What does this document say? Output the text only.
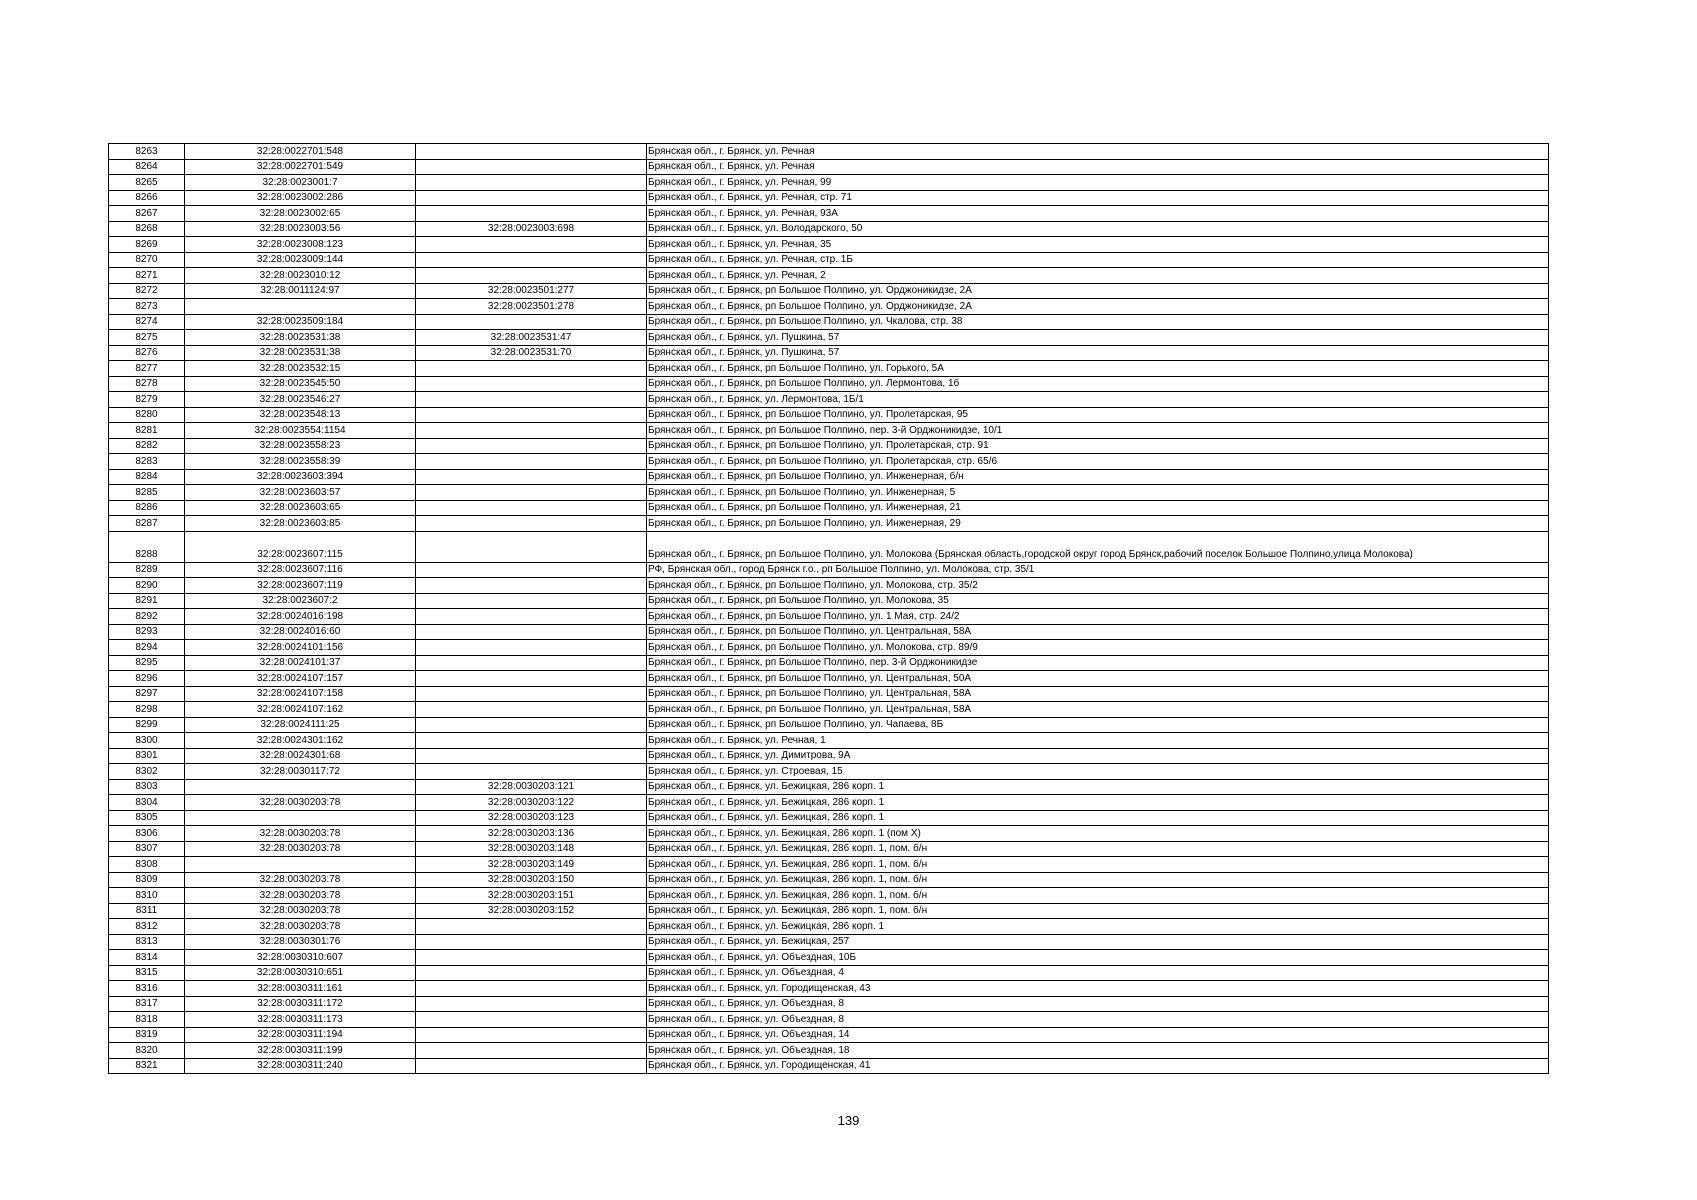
8263	32:28:0022701:548		Брянская обл., г. Брянск, ул. Речная
8264	32:28:0022701:549		Брянская обл., г. Брянск, ул. Речная
8265	32:28:0023001:7		Брянская обл., г. Брянск, ул. Речная, 99
8266	32:28:0023002:286		Брянская обл., г. Брянск, ул. Речная, стр. 71
8267	32:28:0023002:65		Брянская обл., г. Брянск, ул. Речная, 93А
8268	32:28:0023003:56	32:28:0023003:698	Брянская обл., г. Брянск, ул. Володарского, 50
8269	32:28:0023008:123		Брянская обл., г. Брянск, ул. Речная, 35
8270	32:28:0023009:144		Брянская обл., г. Брянск, ул. Речная, стр. 1Б
8271	32:28:0023010:12		Брянская обл., г. Брянск, ул. Речная, 2
8272	32:28:0011124:97	32:28:0023501:277	Брянская обл., г. Брянск, рп Большое Полпино, ул. Орджоникидзе, 2А
8273		32:28:0023501:278	Брянская обл., г. Брянск, рп Большое Полпино, ул. Орджоникидзе, 2А
8274	32:28:0023509:184		Брянская обл., г. Брянск, рп Большое Полпино, ул. Чкалова, стр. 38
8275	32:28:0023531:38	32:28:0023531:47	Брянская обл., г. Брянск, ул. Пушкина, 57
8276	32:28:0023531:38	32:28:0023531:70	Брянская обл., г. Брянск, ул. Пушкина, 57
8277	32:28:0023532:15		Брянская обл., г. Брянск, рп Большое Полпино, ул. Горького, 5А
8278	32:28:0023545:50		Брянская обл., г. Брянск, рп Большое Полпино, ул. Лермонтова, 1б
8279	32:28:0023546:27		Брянская обл., г. Брянск, ул. Лермонтова, 1Б/1
8280	32:28:0023548:13		Брянская обл., г. Брянск, рп Большое Полпино, ул. Пролетарская, 95
8281	32:28:0023554:1154		Брянская обл., г. Брянск, рп Большое Полпино, пер. 3-й Орджоникидзе, 10/1
8282	32:28:0023558:23		Брянская обл., г. Брянск, рп Большое Полпино, ул. Пролетарская, стр. 91
8283	32:28:0023558:39		Брянская обл., г. Брянск, рп Большое Полпино, ул. Пролетарская, стр. 65/6
8284	32:28:0023603:394		Брянская обл., г. Брянск, рп Большое Полпино, ул. Инженерная, б/н
8285	32:28:0023603:57		Брянская обл., г. Брянск, рп Большое Полпино, ул. Инженерная, 5
8286	32:28:0023603:65		Брянская обл., г. Брянск, рп Большое Полпино, ул. Инженерная, 21
8287	32:28:0023603:85		Брянская обл., г. Брянск, рп Большое Полпино, ул. Инженерная, 29
8288	32:28:0023607:115		Брянская обл., г. Брянск, рп Большое Полпино, ул. Молокова (Брянская область,городской округ город Брянск,рабочий поселок Большое Полпино,улица Молокова)
8289	32:28:0023607:116		РФ, Брянская обл., город Брянск г.о., рп Большое Полпино, ул. Молокова, стр. 35/1
8290	32:28:0023607:119		Брянская обл., г. Брянск, рп Большое Полпино, ул. Молокова, стр. 35/2
8291	32:28:0023607:2		Брянская обл., г. Брянск, рп Большое Полпино, ул. Молокова, 35
8292	32:28:0024016:198		Брянская обл., г. Брянск, рп Большое Полпино, ул. 1 Мая, стр. 24/2
8293	32:28:0024016:60		Брянская обл., г. Брянск, рп Большое Полпино, ул. Центральная, 58А
8294	32:28:0024101:156		Брянская обл., г. Брянск, рп Большое Полпино, ул. Молокова, стр. 89/9
8295	32:28:0024101:37		Брянская обл., г. Брянск, рп Большое Полпино, пер. 3-й Орджоникидзе
8296	32:28:0024107:157		Брянская обл., г. Брянск, рп Большое Полпино, ул. Центральная, 50А
8297	32:28:0024107:158		Брянская обл., г. Брянск, рп Большое Полпино, ул. Центральная, 58А
8298	32:28:0024107:162		Брянская обл., г. Брянск, рп Большое Полпино, ул. Центральная, 58А
8299	32:28:0024111:25		Брянская обл., г. Брянск, рп Большое Полпино, ул. Чапаева, 8Б
8300	32:28:0024301:162		Брянская обл., г. Брянск, ул. Речная, 1
8301	32:28:0024301:68		Брянская обл., г. Брянск, ул. Димитрова, 9А
8302	32:28:0030117:72		Брянская обл., г. Брянск, ул. Строевая, 15
8303		32:28:0030203:121	Брянская обл., г. Брянск, ул. Бежицкая, 286 корп. 1
8304	32:28:0030203:78	32:28:0030203:122	Брянская обл., г. Брянск, ул. Бежицкая, 286 корп. 1
8305		32:28:0030203:123	Брянская обл., г. Брянск, ул. Бежицкая, 286 корп. 1
8306	32:28:0030203:78	32:28:0030203:136	Брянская обл., г. Брянск, ул. Бежицкая, 286 корп. 1 (пом X)
8307	32:28:0030203:78	32:28:0030203:148	Брянская обл., г. Брянск, ул. Бежицкая, 286 корп. 1, пом. б/н
8308		32:28:0030203:149	Брянская обл., г. Брянск, ул. Бежицкая, 286 корп. 1, пом. б/н
8309	32:28:0030203:78	32:28:0030203:150	Брянская обл., г. Брянск, ул. Бежицкая, 286 корп. 1, пом. б/н
8310	32:28:0030203:78	32:28:0030203:151	Брянская обл., г. Брянск, ул. Бежицкая, 286 корп. 1, пом. б/н
8311	32:28:0030203:78	32:28:0030203:152	Брянская обл., г. Брянск, ул. Бежицкая, 286 корп. 1, пом. б/н
8312	32:28:0030203:78		Брянская обл., г. Брянск, ул. Бежицкая, 286 корп. 1
8313	32:28:0030301:76		Брянская обл., г. Брянск, ул. Бежицкая, 257
8314	32:28:0030310:607		Брянская обл., г. Брянск, ул. Объездная, 10Б
8315	32:28:0030310:651		Брянская обл., г. Брянск, ул. Объездная, 4
8316	32:28:0030311:161		Брянская обл., г. Брянск, ул. Городищенская, 43
8317	32:28:0030311:172		Брянская обл., г. Брянск, ул. Объездная, 8
8318	32:28:0030311:173		Брянская обл., г. Брянск, ул. Объездная, 8
8319	32:28:0030311:194		Брянская обл., г. Брянск, ул. Объездная, 14
8320	32:28:0030311:199		Брянская обл., г. Брянск, ул. Объездная, 18
8321	32:28:0030311:240		Брянская обл., г. Брянск, ул. Городищенская, 41
139
